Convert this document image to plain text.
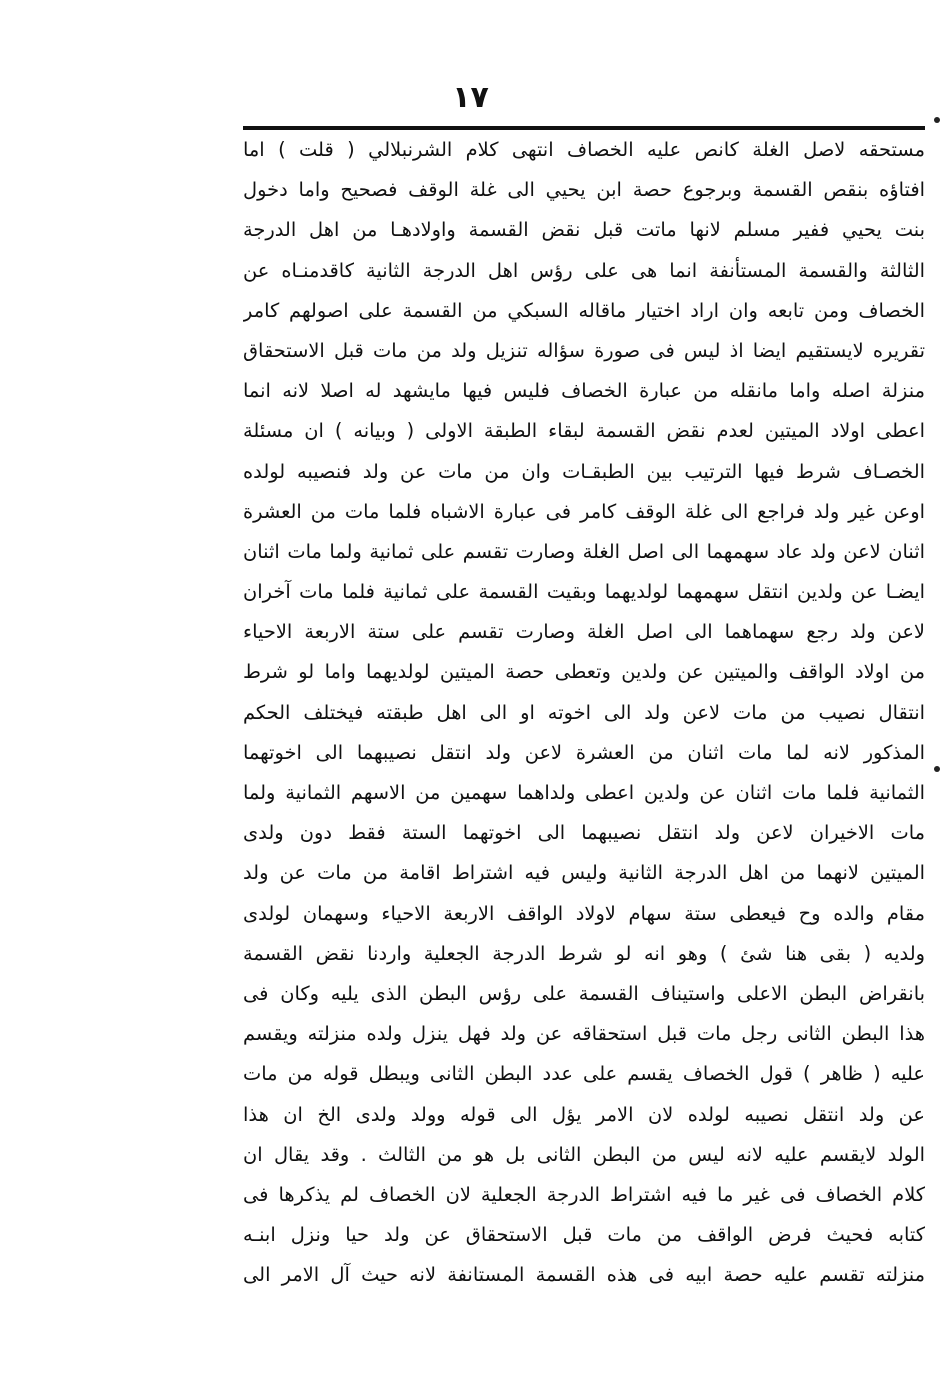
١٧
مستحقه لاصل الغلة كانص عليه الخصاف انتهى كلام الشرنبلالي ( قلت ) اما
افتاؤه بنقص القسمة وبرجوع حصة ابن يحيي الى غلة الوقف فصحيح واما دخول
بنت يحيي ففير مسلم لانها ماتت قبل نقض القسمة واولادهـا من اهل الدرجة
الثالثة والقسمة المستأنفة انما هى على رؤس اهل الدرجة الثانية كاقدمنـاه عن
الخصاف ومن تابعه وان اراد اختيار ماقاله السبكي من القسمة على اصولهم كامر
تقريره لايستقيم ايضا اذ ليس فى صورة سؤاله تنزيل ولد من مات قبل الاستحقاق
منزلة اصله واما مانقله من عبارة الخصاف فليس فيها مايشهد له اصلا لانه انما
اعطى اولاد الميتين لعدم نقض القسمة لبقاء الطبقة الاولى ( وبيانه ) ان مسئلة
الخصـاف شرط فيها الترتيب بين الطبقـات وان من مات عن ولد فنصيبه لولده
اوعن غير ولد فراجع الى غلة الوقف كامر فى عبارة الاشباه فلما مات من العشرة
اثنان لاعن ولد عاد سهمهما الى اصل الغلة وصارت تقسم على ثمانية ولما مات اثنان
ايضـا عن ولدين انتقل سهمهما لولديهما وبقيت القسمة على ثمانية فلما مات آخران
لاعن ولد رجع سهماهما الى اصل الغلة وصارت تقسم على ستة الاربعة الاحياء
من اولاد الواقف والميتين عن ولدين وتعطى حصة الميتين لولديهما واما لو شرط
انتقال نصيب من مات لاعن ولد الى اخوته او الى اهل طبقته فيختلف الحكم
المذكور لانه لما مات اثنان من العشرة لاعن ولد انتقل نصيبهما الى اخوتهما
الثمانية فلما مات اثنان عن ولدين اعطى ولداهما سهمين من الاسهم الثمانية ولما
مات الاخيران لاعن ولد انتقل نصيبهما الى اخوتهما الستة فقط دون ولدى
الميتين لانهما من اهل الدرجة الثانية وليس فيه اشتراط اقامة من مات عن ولد
مقام والده وح فيعطى ستة سهام لاولاد الواقف الاربعة الاحياء وسهمان لولدى
ولديه ( بقى هنا شئ ) وهو انه لو شرط الدرجة الجعلية واردنا نقض القسمة
بانقراض البطن الاعلى واستيناف القسمة على رؤس البطن الذى يليه وكان فى
هذا البطن الثانى رجل مات قبل استحقاقه عن ولد فهل ينزل ولده منزلته ويقسم
عليه ( ظاهر ) قول الخصاف يقسم على عدد البطن الثانى ويبطل قوله من مات
عن ولد انتقل نصيبه لولده لان الامر يؤل الى قوله وولد ولدى الخ ان هذا
الولد لايقسم عليه لانه ليس من البطن الثانى بل هو من الثالث . وقد يقال ان
كلام الخصاف فى غير ما فيه اشتراط الدرجة الجعلية لان الخصاف لم يذكرها فى
كتابه فحيث فرض الواقف من مات قبل الاستحقاق عن ولد حيا ونزل ابنـه
منزلته تقسم عليه حصة ابيه فى هذه القسمة المستانفة لانه حيث آل الامر الى
